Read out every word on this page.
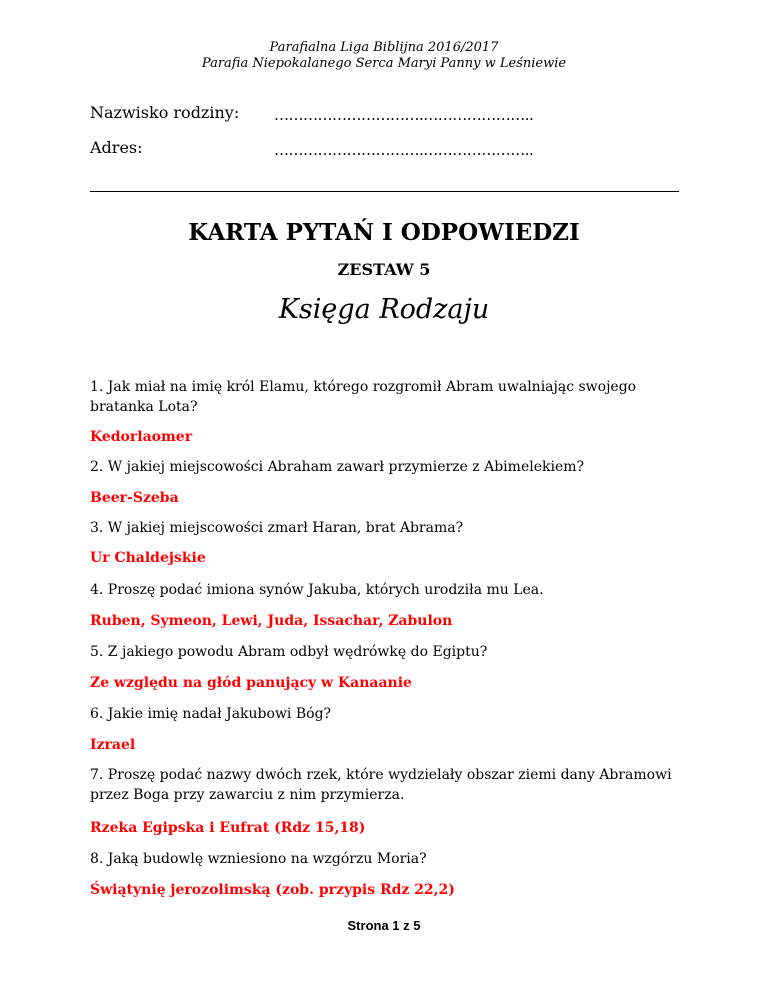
Parafialna Liga Biblijna 2016/2017
Parafia Niepokalanego Serca Maryi Panny w Leśniewie
Nazwisko rodziny: ………………………….…………………..
Adres:	………………………….…………………..
KARTA PYTAŃ I ODPOWIEDZI
ZESTAW 5
Księga Rodzaju
1. Jak miał na imię król Elamu, którego rozgromił Abram uwalniając swojego bratanka Lota?
Kedorlaomer
2. W jakiej miejscowości Abraham zawarł przymierze z Abimelekiem?
Beer-Szeba
3. W jakiej miejscowości zmarł Haran, brat Abrama?
Ur Chaldejskie
4. Proszę podać imiona synów Jakuba, których urodziła mu Lea.
Ruben, Symeon, Lewi, Juda, Issachar, Zabulon
5. Z jakiego powodu Abram odbył wędrówkę do Egiptu?
Ze względu na głód panujący w Kanaanie
6. Jakie imię nadał Jakubowi Bóg?
Izrael
7. Proszę podać nazwy dwóch rzek, które wydzielały obszar ziemi dany Abramowi przez Boga przy zawarciu z nim przymierza.
Rzeka Egipska i Eufrat (Rdz 15,18)
8. Jaką budowlę wzniesiono na wzgórzu Moria?
Świątynię jerozolimską (zob. przypis Rdz 22,2)
Strona 1 z 5
